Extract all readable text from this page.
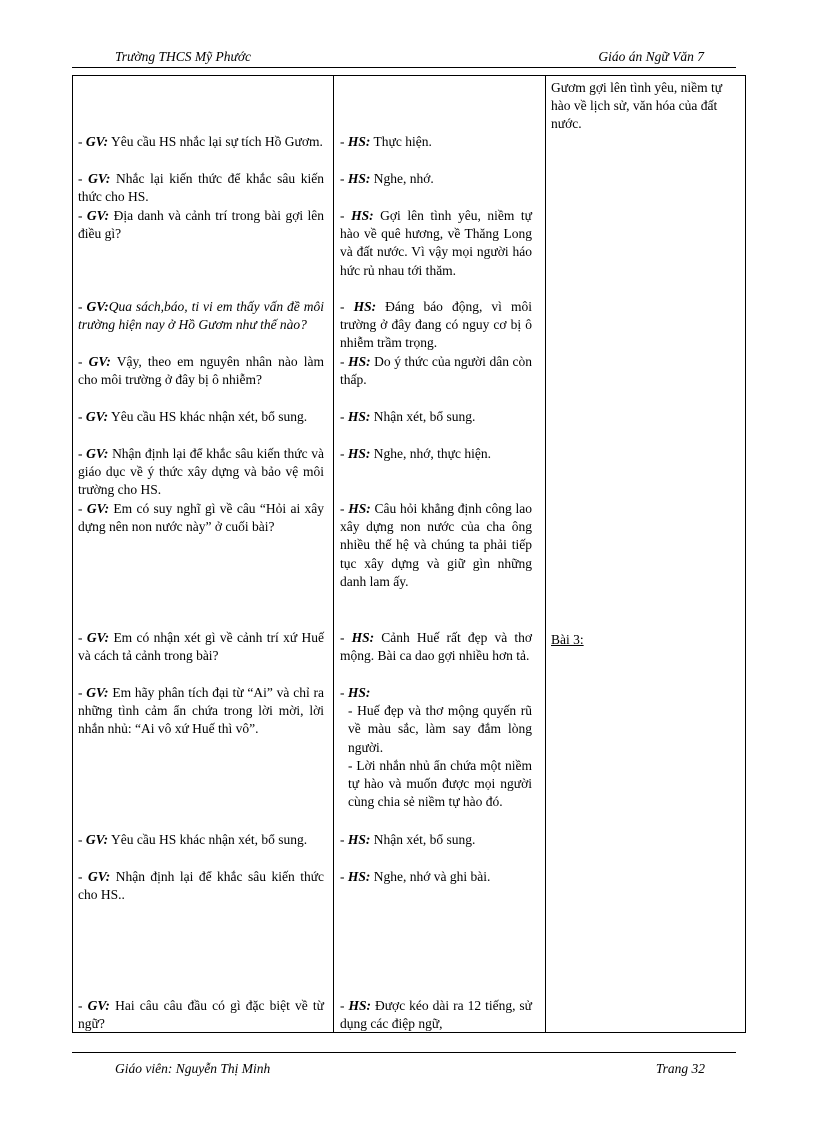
Trường THCS Mỹ Phước	Giáo án Ngữ Văn 7
Gươm gợi lên tình yêu, niềm tự hào về lịch sử, văn hóa của đất nước.
Bài 3:
- GV: Yêu cầu HS nhắc lại sự tích Hồ Gươm.
- GV: Nhắc lại kiến thức để khắc sâu kiến thức cho HS.
- GV: Địa danh và cảnh trí trong bài gợi lên điều gì?
- GV:Qua sách,báo, ti vi em thấy vấn đề môi trường hiện nay ở Hồ Gươm như thế nào?
- GV: Vậy, theo em nguyên nhân nào làm cho môi trường ở đây bị ô nhiễm?
- GV: Yêu cầu HS khác nhận xét, bổ sung.
- GV: Nhận định lại để khắc sâu kiến thức và giáo dục về ý thức xây dựng và bảo vệ môi trường cho HS.
- GV: Em có suy nghĩ gì về câu “Hỏi ai xây dựng nên non nước này” ở cuối bài?
- GV: Em có nhận xét gì về cảnh trí xứ Huế và cách tả cảnh trong bài?
- GV: Em hãy phân tích đại từ “Ai” và chỉ ra những tình cảm ẩn chứa trong lời mời, lời nhắn nhủ: “Ai vô xứ Huế thì vô”.
- GV: Yêu cầu HS khác nhận xét, bổ sung.
- GV: Nhận định lại để khắc sâu kiến thức cho HS..
- GV: Hai câu câu đầu có gì đặc biệt về từ ngữ?
- HS: Thực hiện.
- HS: Nghe, nhớ.
- HS: Gợi lên tình yêu, niềm tự hào về quê hương, về Thăng Long và đất nước. Vì vậy mọi người háo hức rủ nhau tới thăm.
- HS: Đáng báo động, vì môi trường ở đây đang có nguy cơ bị ô nhiễm trầm trọng.
- HS: Do ý thức của người dân còn thấp.
- HS: Nhận xét, bổ sung.
- HS: Nghe, nhớ, thực hiện.
- HS: Câu hỏi khẳng định công lao xây dựng non nước của cha ông nhiều thế hệ và chúng ta phải tiếp tục xây dựng và giữ gìn những danh lam ấy.
- HS: Cảnh Huế rất đẹp và thơ mộng. Bài ca dao gợi nhiều hơn tả.
- HS:
- Huế đẹp và thơ mộng quyến rũ về màu sắc, làm say đắm lòng người.
- Lời nhắn nhủ ẩn chứa một niềm tự hào và muốn được mọi người cùng chia sẻ niềm tự hào đó.
- HS: Nhận xét, bổ sung.
- HS: Nghe, nhớ và ghi bài.
- HS: Được kéo dài ra 12 tiếng, sử dụng các điệp ngữ,
Giáo viên: Nguyễn Thị Minh	Trang 32
